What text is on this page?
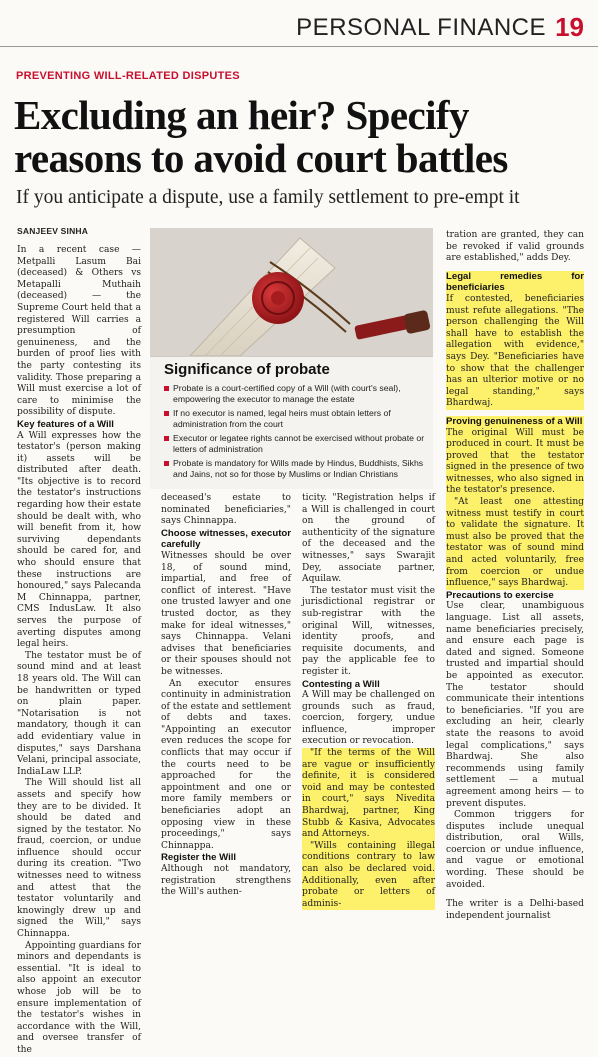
PERSONAL FINANCE 19
PREVENTING WILL-RELATED DISPUTES
Excluding an heir? Specify
reasons to avoid court battles
If you anticipate a dispute, use a family settlement to pre-empt it
SANJEEV SINHA

In a recent case — Metpalli Lasum Bai (deceased) & Others vs Metapalli Muthaih (deceased) — the Supreme Court held that a registered Will carries a presumption of genuineness, and the burden of proof lies with the party contesting its validity. Those preparing a Will must exercise a lot of care to minimise the possibility of dispute.

Key features of a Will

A Will expresses how the testator's (person making it) assets will be distributed after death. "Its objective is to record the testator's instructions regarding how their estate should be dealt with, who will benefit from it, how surviving dependants should be cared for, and who should ensure that these instructions are honoured," says Palecanda M Chinnappa, partner, CMS IndusLaw. It also serves the purpose of averting disputes among legal heirs.

The testator must be of sound mind and at least 18 years old. The Will can be handwritten or typed on plain paper. "Notarisation is not mandatory, though it can add evidentiary value in disputes," says Darshana Velani, principal associate, IndiaLaw LLP.

The Will should list all assets and specify how they are to be divided. It should be dated and signed by the testator. No fraud, coercion, or undue influence should occur during its creation. "Two witnesses need to witness and attest that the testator voluntarily and knowingly drew up and signed the Will," says Chinnappa.

Appointing guardians for minors and dependants is essential. "It is ideal to also appoint an executor whose job will be to ensure implementation of the testator's wishes in accordance with the Will, and oversee transfer of the

Significance of probate
Probate is a court-certified copy of a Will (with court's seal), empowering the executor to manage the estate
If no executor is named, legal heirs must obtain letters of administration from the court
Executor or legatee rights cannot be exercised without probate or letters of administration
Probate is mandatory for Wills made by Hindus, Buddhists, Sikhs and Jains, not so for those by Muslims or Indian Christians

deceased's estate to nominated beneficiaries," says Chinnappa.

Choose witnesses, executor carefully

Witnesses should be over 18, of sound mind, impartial, and free of conflict of interest. "Have one trusted lawyer and one trusted doctor, as they make for ideal witnesses," says Chinnappa. Velani advises that beneficiaries or their spouses should not be witnesses.

An executor ensures continuity in administration of the estate and settlement of debts and taxes. "Appointing an executor even reduces the scope for conflicts that may occur if the courts need to be approached for the appointment and one or more family members or beneficiaries adopt an opposing view in these proceedings," says Chinnappa.

Register the Will

Although not mandatory, registration strengthens the Will's authen-

ticity. "Registration helps if a Will is challenged in court on the ground of authenticity of the signature of the deceased and the witnesses," says Swarajit Dey, associate partner, Aquilaw.

The testator must visit the jurisdictional registrar or sub-registrar with the original Will, witnesses, identity proofs, and requisite documents, and pay the applicable fee to register it.

Contesting a Will

A Will may be challenged on grounds such as fraud, coercion, forgery, undue influence, improper execution or revocation.

"If the terms of the Will are vague or insufficiently definite, it is considered void and may be contested in court," says Nivedita Bhardwaj, partner, King Stubb & Kasiva, Advocates and Attorneys.

"Wills containing illegal conditions contrary to law can also be declared void. Additionally, even after probate or letters of adminis-

tration are granted, they can be revoked if valid grounds are established," adds Dey.

Legal remedies for beneficiaries

If contested, beneficiaries must refute allegations. "The person challenging the Will shall have to establish the allegation with evidence," says Dey. "Beneficiaries have to show that the challenger has an ulterior motive or no legal standing," says Bhardwaj.

Proving genuineness of a Will

The original Will must be produced in court. It must be proved that the testator signed in the presence of two witnesses, who also signed in the testator's presence.

"At least one attesting witness must testify in court to validate the signature. It must also be proved that the testator was of sound mind and acted voluntarily, free from coercion or undue influence," says Bhardwaj.

Precautions to exercise

Use clear, unambiguous language. List all assets, name beneficiaries precisely, and ensure each page is dated and signed. Someone trusted and impartial should be appointed as executor. The testator should communicate their intentions to beneficiaries. "If you are excluding an heir, clearly state the reasons to avoid legal complications," says Bhardwaj. She also recommends using family settlement — a mutual agreement among heirs — to prevent disputes.

Common triggers for disputes include unequal distribution, oral Wills, coercion or undue influence, and vague or emotional wording. These should be avoided.

The writer is a Delhi-based independent journalist
